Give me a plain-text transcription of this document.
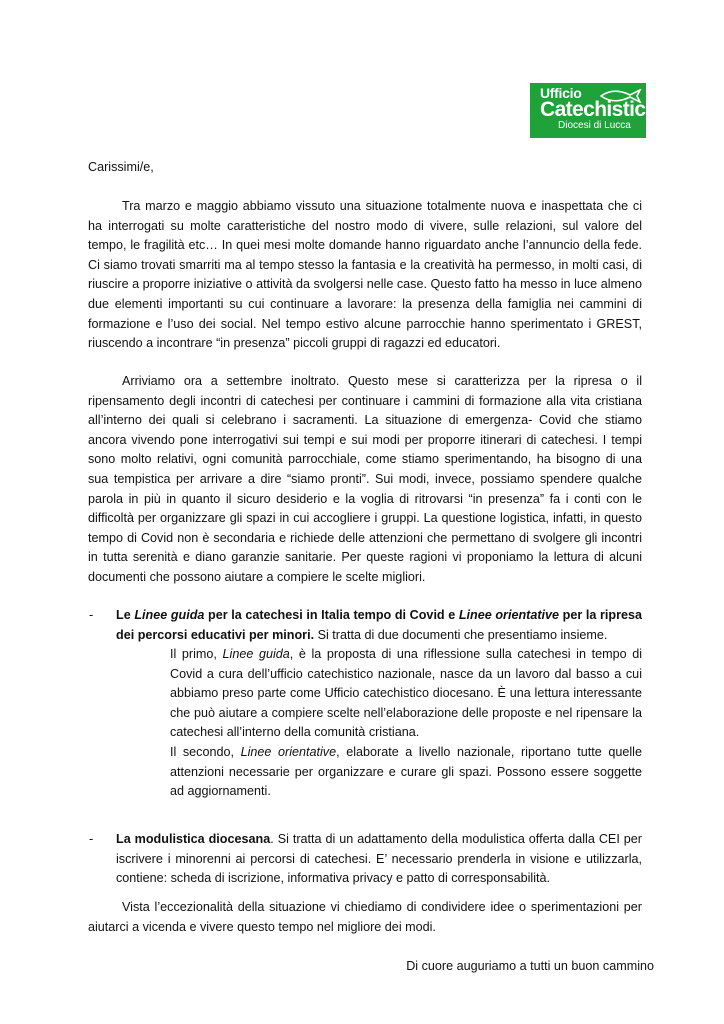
Ufficio
Catechistico
Diocesi di Lucca
Carissimi/e,
Tra marzo e maggio abbiamo vissuto una situazione totalmente nuova e inaspettata che ci ha interrogati su molte caratteristiche del nostro modo di vivere, sulle relazioni, sul valore del tempo, le fragilità etc… In quei mesi molte domande hanno riguardato anche l’annuncio della fede. Ci siamo trovati smarriti ma al tempo stesso la fantasia e la creatività ha permesso, in molti casi, di riuscire a proporre iniziative o attività da svolgersi nelle case. Questo fatto ha messo in luce almeno due elementi importanti su cui continuare a lavorare: la presenza della famiglia nei cammini di formazione e l’uso dei social. Nel tempo estivo alcune parrocchie hanno sperimentato i GREST, riuscendo a incontrare “in presenza” piccoli gruppi di ragazzi ed educatori.
Arriviamo ora a settembre inoltrato. Questo mese si caratterizza per la ripresa o il ripensamento degli incontri di catechesi per continuare i cammini di formazione alla vita cristiana all’interno dei quali si celebrano i sacramenti. La situazione di emergenza- Covid che stiamo ancora vivendo pone interrogativi sui tempi e sui modi per proporre itinerari di catechesi. I tempi sono molto relativi, ogni comunità parrocchiale, come stiamo sperimentando, ha bisogno di una sua tempistica per arrivare a dire “siamo pronti”. Sui modi, invece, possiamo spendere qualche parola in più in quanto il sicuro desiderio e la voglia di ritrovarsi “in presenza” fa i conti con le difficoltà per organizzare gli spazi in cui accogliere i gruppi. La questione logistica, infatti, in questo tempo di Covid non è secondaria e richiede delle attenzioni che permettano di svolgere gli incontri in tutta serenità e diano garanzie sanitarie. Per queste ragioni vi proponiamo la lettura di alcuni documenti che possono aiutare a compiere le scelte migliori.
- Le Linee guida per la catechesi in Italia tempo di Covid e Linee orientative per la ripresa dei percorsi educativi per minori. Si tratta di due documenti che presentiamo insieme.
Il primo, Linee guida, è la proposta di una riflessione sulla catechesi in tempo di Covid a cura dell’ufficio catechistico nazionale, nasce da un lavoro dal basso a cui abbiamo preso parte come Ufficio catechistico diocesano. È una lettura interessante che può aiutare a compiere scelte nell’elaborazione delle proposte e nel ripensare la catechesi all’interno della comunità cristiana.
Il secondo, Linee orientative, elaborate a livello nazionale, riportano tutte quelle attenzioni necessarie per organizzare e curare gli spazi. Possono essere soggette ad aggiornamenti.
- La modulistica diocesana. Si tratta di un adattamento della modulistica offerta dalla CEI per iscrivere i minorenni ai percorsi di catechesi. E’ necessario prenderla in visione e utilizzarla, contiene: scheda di iscrizione, informativa privacy e patto di corresponsabilità.
Vista l’eccezionalità della situazione vi chiediamo di condividere idee o sperimentazioni per aiutarci a vicenda e vivere questo tempo nel migliore dei modi.
Di cuore auguriamo a tutti un buon cammino
